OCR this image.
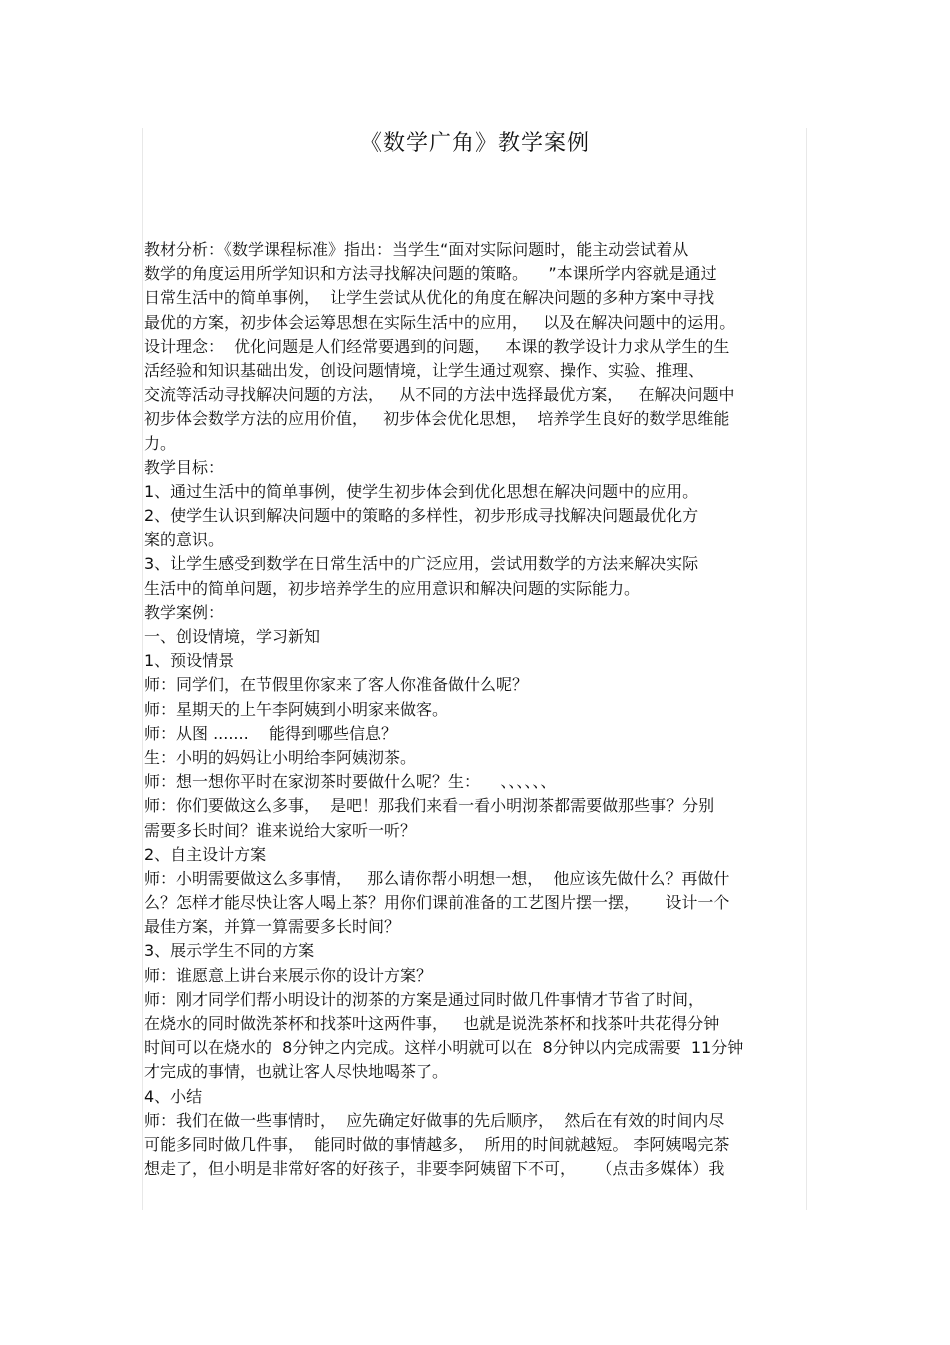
《数学广角》教学案例
教材分析：《数学课程标准》指出：当学生“面对实际问题时，能主动尝试着从
数学的角度运用所学知识和方法寻找解决问题的策略。    ”本课所学内容就是通过
日常生活中的简单事例，  让学生尝试从优化的角度在解决问题的多种方案中寻找
最优的方案，初步体会运筹思想在实际生活中的应用，   以及在解决问题中的运用。
设计理念：  优化问题是人们经常要遇到的问题，   本课的教学设计力求从学生的生
活经验和知识基础出发，创设问题情境，让学生通过观察、操作、实验、推理、
交流等活动寻找解决问题的方法，   从不同的方法中选择最优方案，   在解决问题中
初步体会数学方法的应用价值，   初步体会优化思想，  培养学生良好的数学思维能
力。
教学目标：
1、通过生活中的简单事例，使学生初步体会到优化思想在解决问题中的应用。
2、使学生认识到解决问题中的策略的多样性，初步形成寻找解决问题最优化方
案的意识。
3、让学生感受到数学在日常生活中的广泛应用，尝试用数学的方法来解决实际
生活中的简单问题，初步培养学生的应用意识和解决问题的实际能力。
教学案例：
一、创设情境，学习新知
1、预设情景
师：同学们，在节假里你家来了客人你准备做什么呢？
师：星期天的上午李阿姨到小明家来做客。
师：从图 .......    能得到哪些信息？
生：小明的妈妈让小明给李阿姨沏茶。
师：想一想你平时在家沏茶时要做什么呢？生：    、、、、、、
师：你们要做这么多事，  是吧！那我们来看一看小明沏茶都需要做那些事？分别
需要多长时间？谁来说给大家听一听？
2、自主设计方案
师：小明需要做这么多事情，   那么请你帮小明想一想，  他应该先做什么？再做什
么？怎样才能尽快让客人喝上茶？用你们课前准备的工艺图片摆一摆，     设计一个
最佳方案，并算一算需要多长时间？
3、展示学生不同的方案
师：谁愿意上讲台来展示你的设计方案？
师：刚才同学们帮小明设计的沏茶的方案是通过同时做几件事情才节省了时间，
在烧水的同时做洗茶杯和找茶叶这两件事，   也就是说洗茶杯和找茶叶共花得分钟
时间可以在烧水的  8分钟之内完成。这样小明就可以在  8分钟以内完成需要  11分钟
才完成的事情，也就让客人尽快地喝茶了。
4、小结
师：我们在做一些事情时，  应先确定好做事的先后顺序，  然后在有效的时间内尽
可能多同时做几件事，  能同时做的事情越多，  所用的时间就越短。 李阿姨喝完茶
想走了，但小明是非常好客的好孩子，非要李阿姨留下不可，    （点击多媒体）我
